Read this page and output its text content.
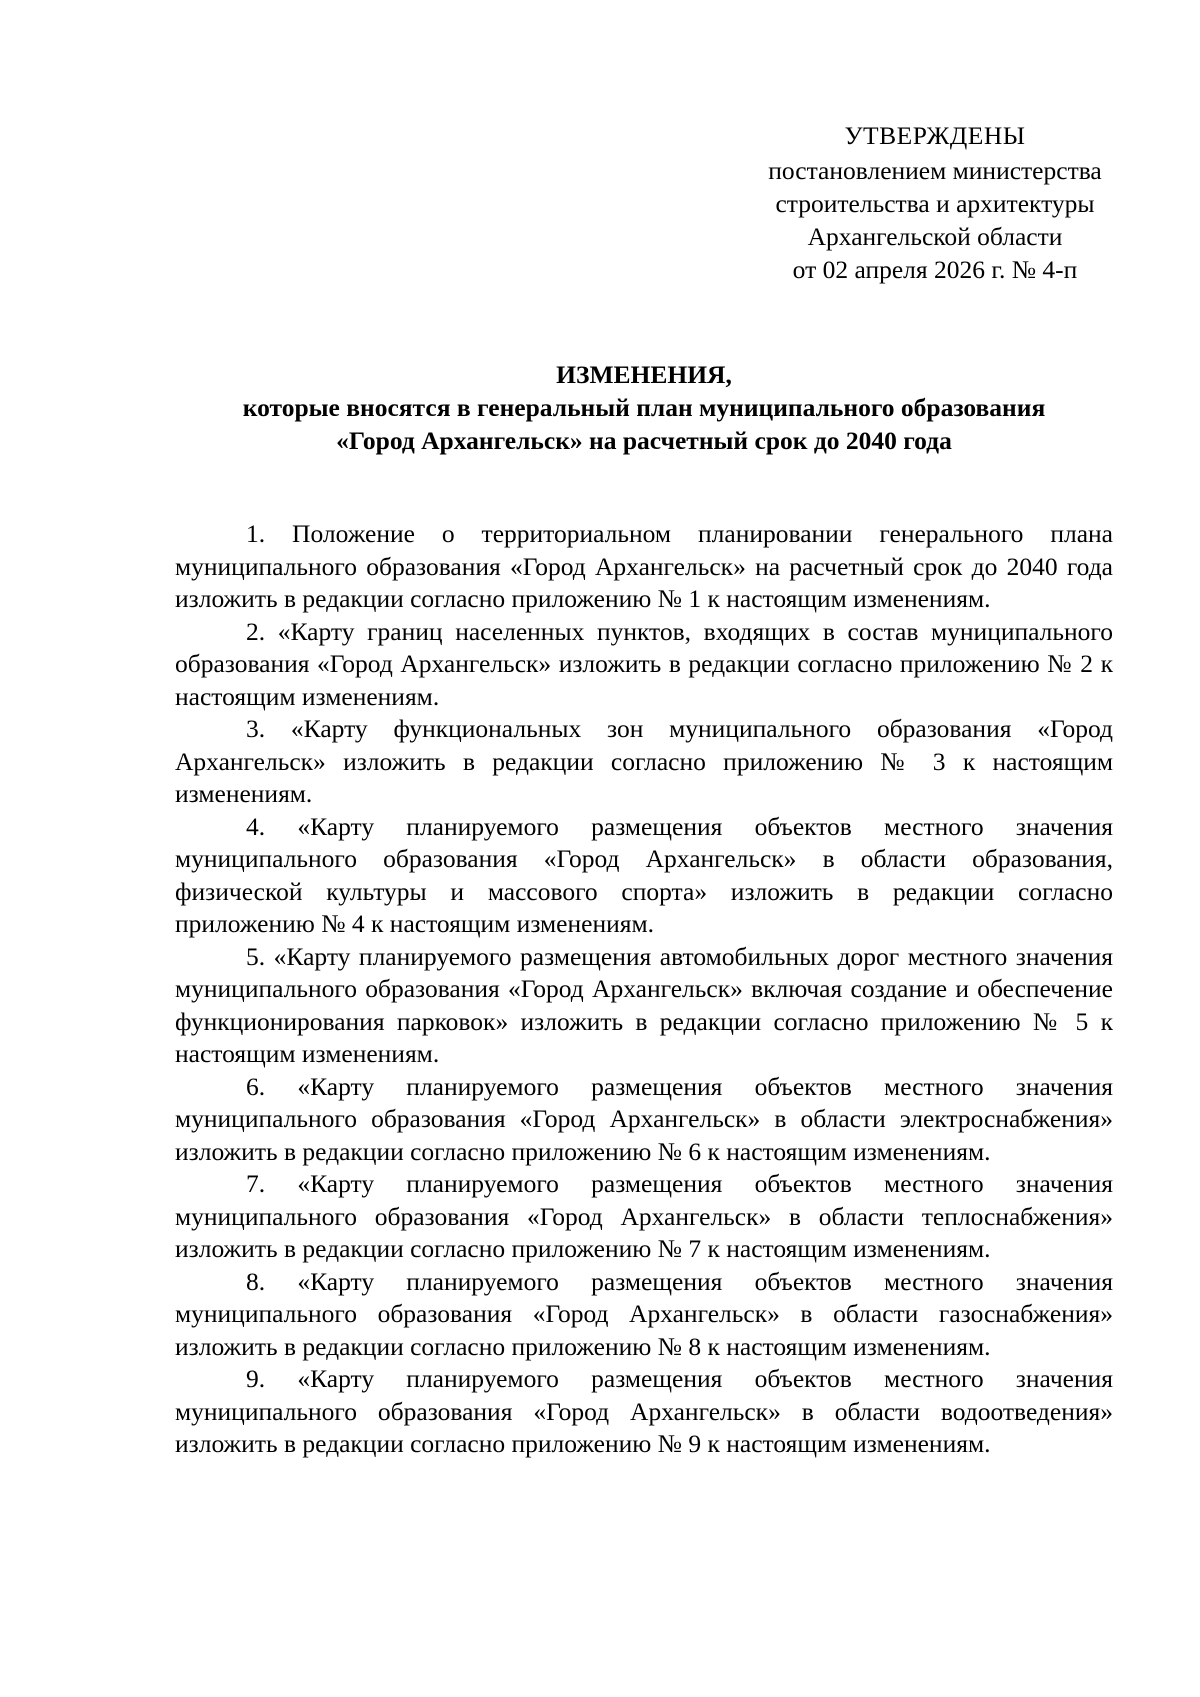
УТВЕРЖДЕНЫ
постановлением министерства
строительства и архитектуры
Архангельской области
от 02 апреля 2026 г. № 4-п
ИЗМЕНЕНИЯ,
которые вносятся в генеральный план муниципального образования
«Город Архангельск» на расчетный срок до 2040 года

1. Положение о территориальном планировании генерального плана муниципального образования «Город Архангельск» на расчетный срок до 2040 года изложить в редакции согласно приложению № 1 к настоящим изменениям.

2. «Карту границ населенных пунктов, входящих в состав муниципального образования «Город Архангельск» изложить в редакции согласно приложению № 2 к настоящим изменениям.

3. «Карту функциональных зон муниципального образования «Город Архангельск» изложить в редакции согласно приложению № 3 к настоящим изменениям.

4. «Карту планируемого размещения объектов местного значения муниципального образования «Город Архангельск» в области образования, физической культуры и массового спорта» изложить в редакции согласно приложению № 4 к настоящим изменениям.

5. «Карту планируемого размещения автомобильных дорог местного значения муниципального образования «Город Архангельск» включая создание и обеспечение функционирования парковок» изложить в редакции согласно приложению № 5 к настоящим изменениям.

6. «Карту планируемого размещения объектов местного значения муниципального образования «Город Архангельск» в области электроснабжения» изложить в редакции согласно приложению № 6 к настоящим изменениям.

7. «Карту планируемого размещения объектов местного значения муниципального образования «Город Архангельск» в области теплоснабжения» изложить в редакции согласно приложению № 7 к настоящим изменениям.

8. «Карту планируемого размещения объектов местного значения муниципального образования «Город Архангельск» в области газоснабжения» изложить в редакции согласно приложению № 8 к настоящим изменениям.

9. «Карту планируемого размещения объектов местного значения муниципального образования «Город Архангельск» в области водоотведения» изложить в редакции согласно приложению № 9 к настоящим изменениям.
